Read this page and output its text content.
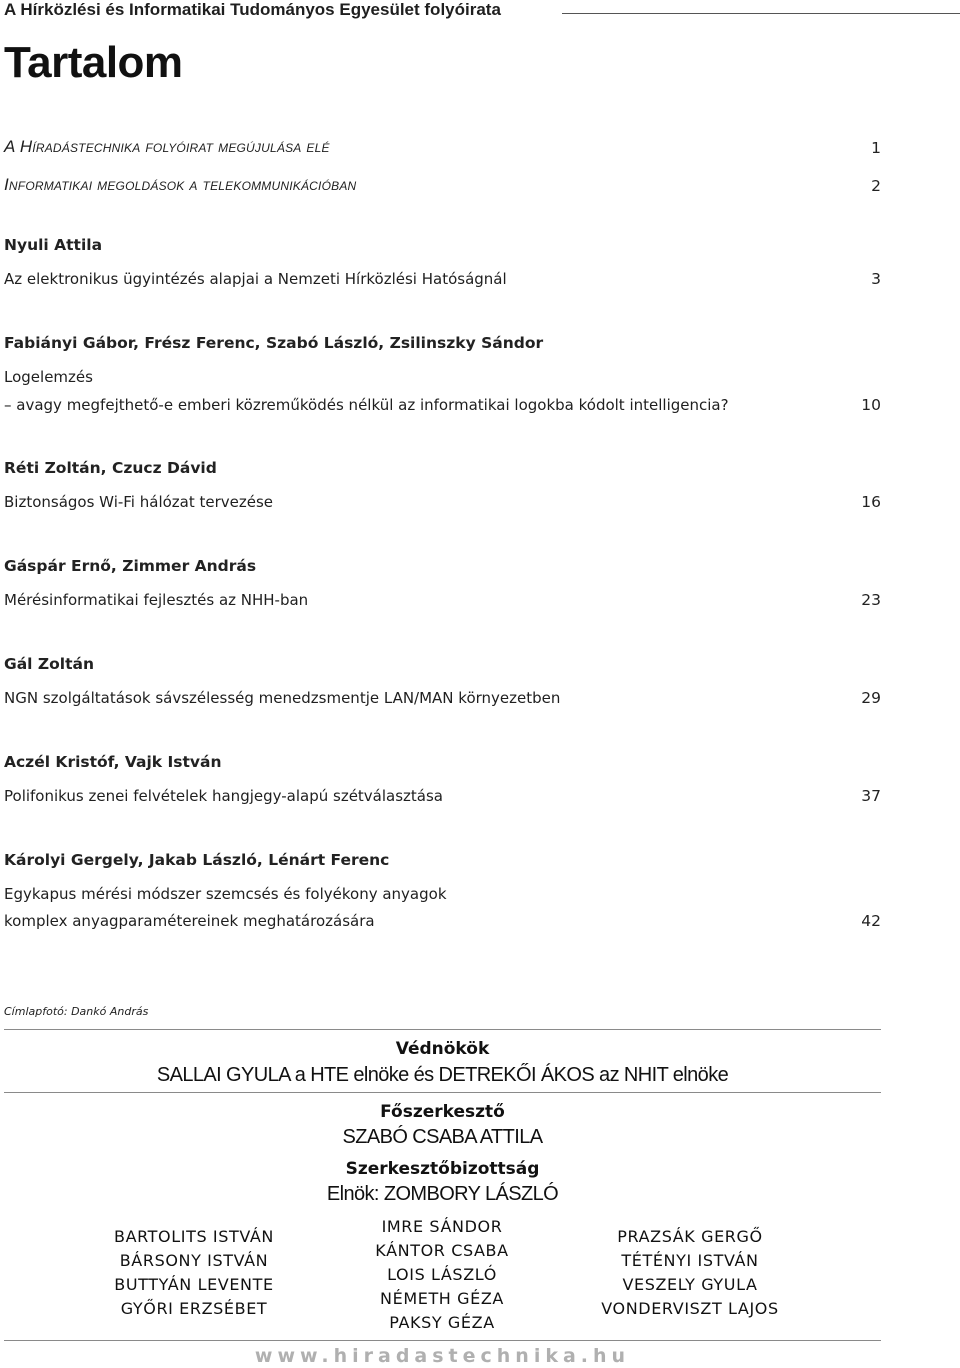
A Hírközlési és Informatikai Tudományos Egyesület folyóirata
Tartalom
A Híradástechnika folyóirat megújulása elé	1
Informatikai megoldások a telekommunikációban	2
Nyuli Attila
Az elektronikus ügyintézés alapjai a Nemzeti Hírközlési Hatóságnál	3
Fabiányi Gábor, Frész Ferenc, Szabó László, Zsilinszky Sándor
Logelemzés
– avagy megfejthető-e emberi közreműködés nélkül az informatikai logokba kódolt intelligencia?	10
Réti Zoltán, Czucz Dávid
Biztonságos Wi-Fi hálózat tervezése	16
Gáspár Ernő, Zimmer András
Mérésinformatikai fejlesztés az NHH-ban	23
Gál Zoltán
NGN szolgáltatások sávszélesség menedzsmentje LAN/MAN környezetben	29
Aczél Kristóf, Vajk István
Polifonikus zenei felvételek hangjegy-alapú szétválasztása	37
Károlyi Gergely, Jakab László, Lénárt Ferenc
Egykapus mérési módszer szemcsés és folyékony anyagok
komplex anyagparamétereinek meghatározására	42
Címlapfotó: Dankó András
Védnökök
SALLAI GYULA a HTE elnöke és DETREKŐI ÁKOS az NHIT elnöke
Főszerkesztő
SZABÓ CSABA ATTILA
Szerkesztőbizottság
Elnök: ZOMBORY LÁSZLÓ
BARTOLITS ISTVÁN
BÁRSONY ISTVÁN
BUTTYÁN LEVENTE
GYŐRI ERZSÉBET
IMRE SÁNDOR
KÁNTOR CSABA
LOIS LÁSZLÓ
NÉMETH GÉZA
PAKSY GÉZA
PRAZSÁK GERGŐ
TÉTÉNYI ISTVÁN
VESZELY GYULA
VONDERVISZT LAJOS
www.hiradastechnika.hu
